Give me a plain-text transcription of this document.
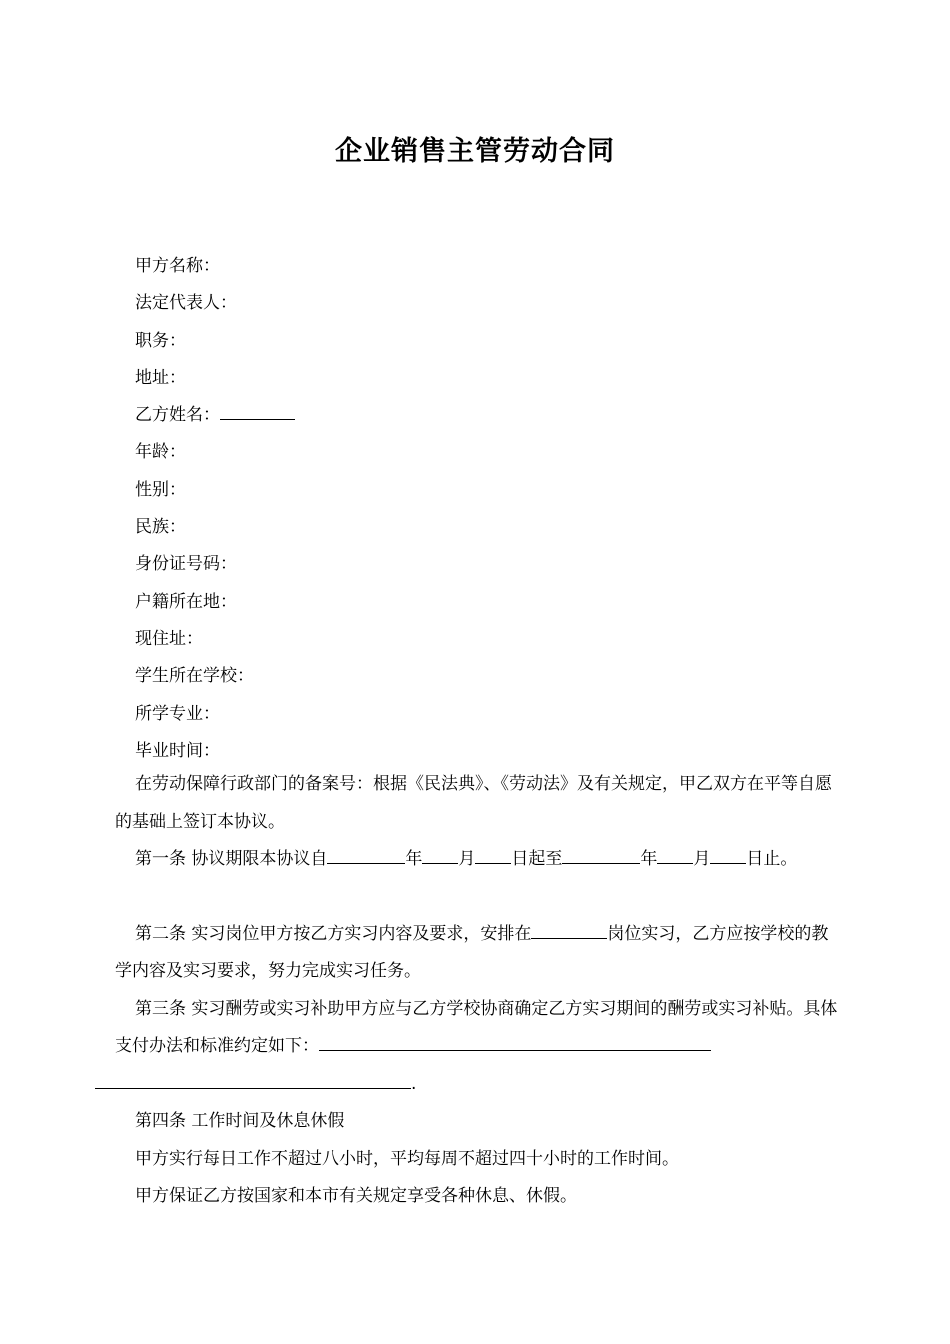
企业销售主管劳动合同
甲方名称：
法定代表人：
职务：
地址：
乙方姓名：
年龄：
性别：
民族：
身份证号码：
户籍所在地：
现住址：
学生所在学校：
所学专业：
毕业时间：

在劳动保障行政部门的备案号：根据《民法典》、《劳动法》及有关规定，甲乙双方在平等自愿的基础上签订本协议。

第一条 协议期限本协议自	年 月 日起至	年 月 日止。

第二条 实习岗位甲方按乙方实习内容及要求，安排在	岗位实习，乙方应按学校的教学内容及实习要求，努力完成实习任务。

第三条 实习酬劳或实习补助甲方应与乙方学校协商确定乙方实习期间的酬劳或实习补贴。具体支付办法和标准约定如下：
.

第四条 工作时间及休息休假

甲方实行每日工作不超过八小时，平均每周不超过四十小时的工作时间。

甲方保证乙方按国家和本市有关规定享受各种休息、休假。
